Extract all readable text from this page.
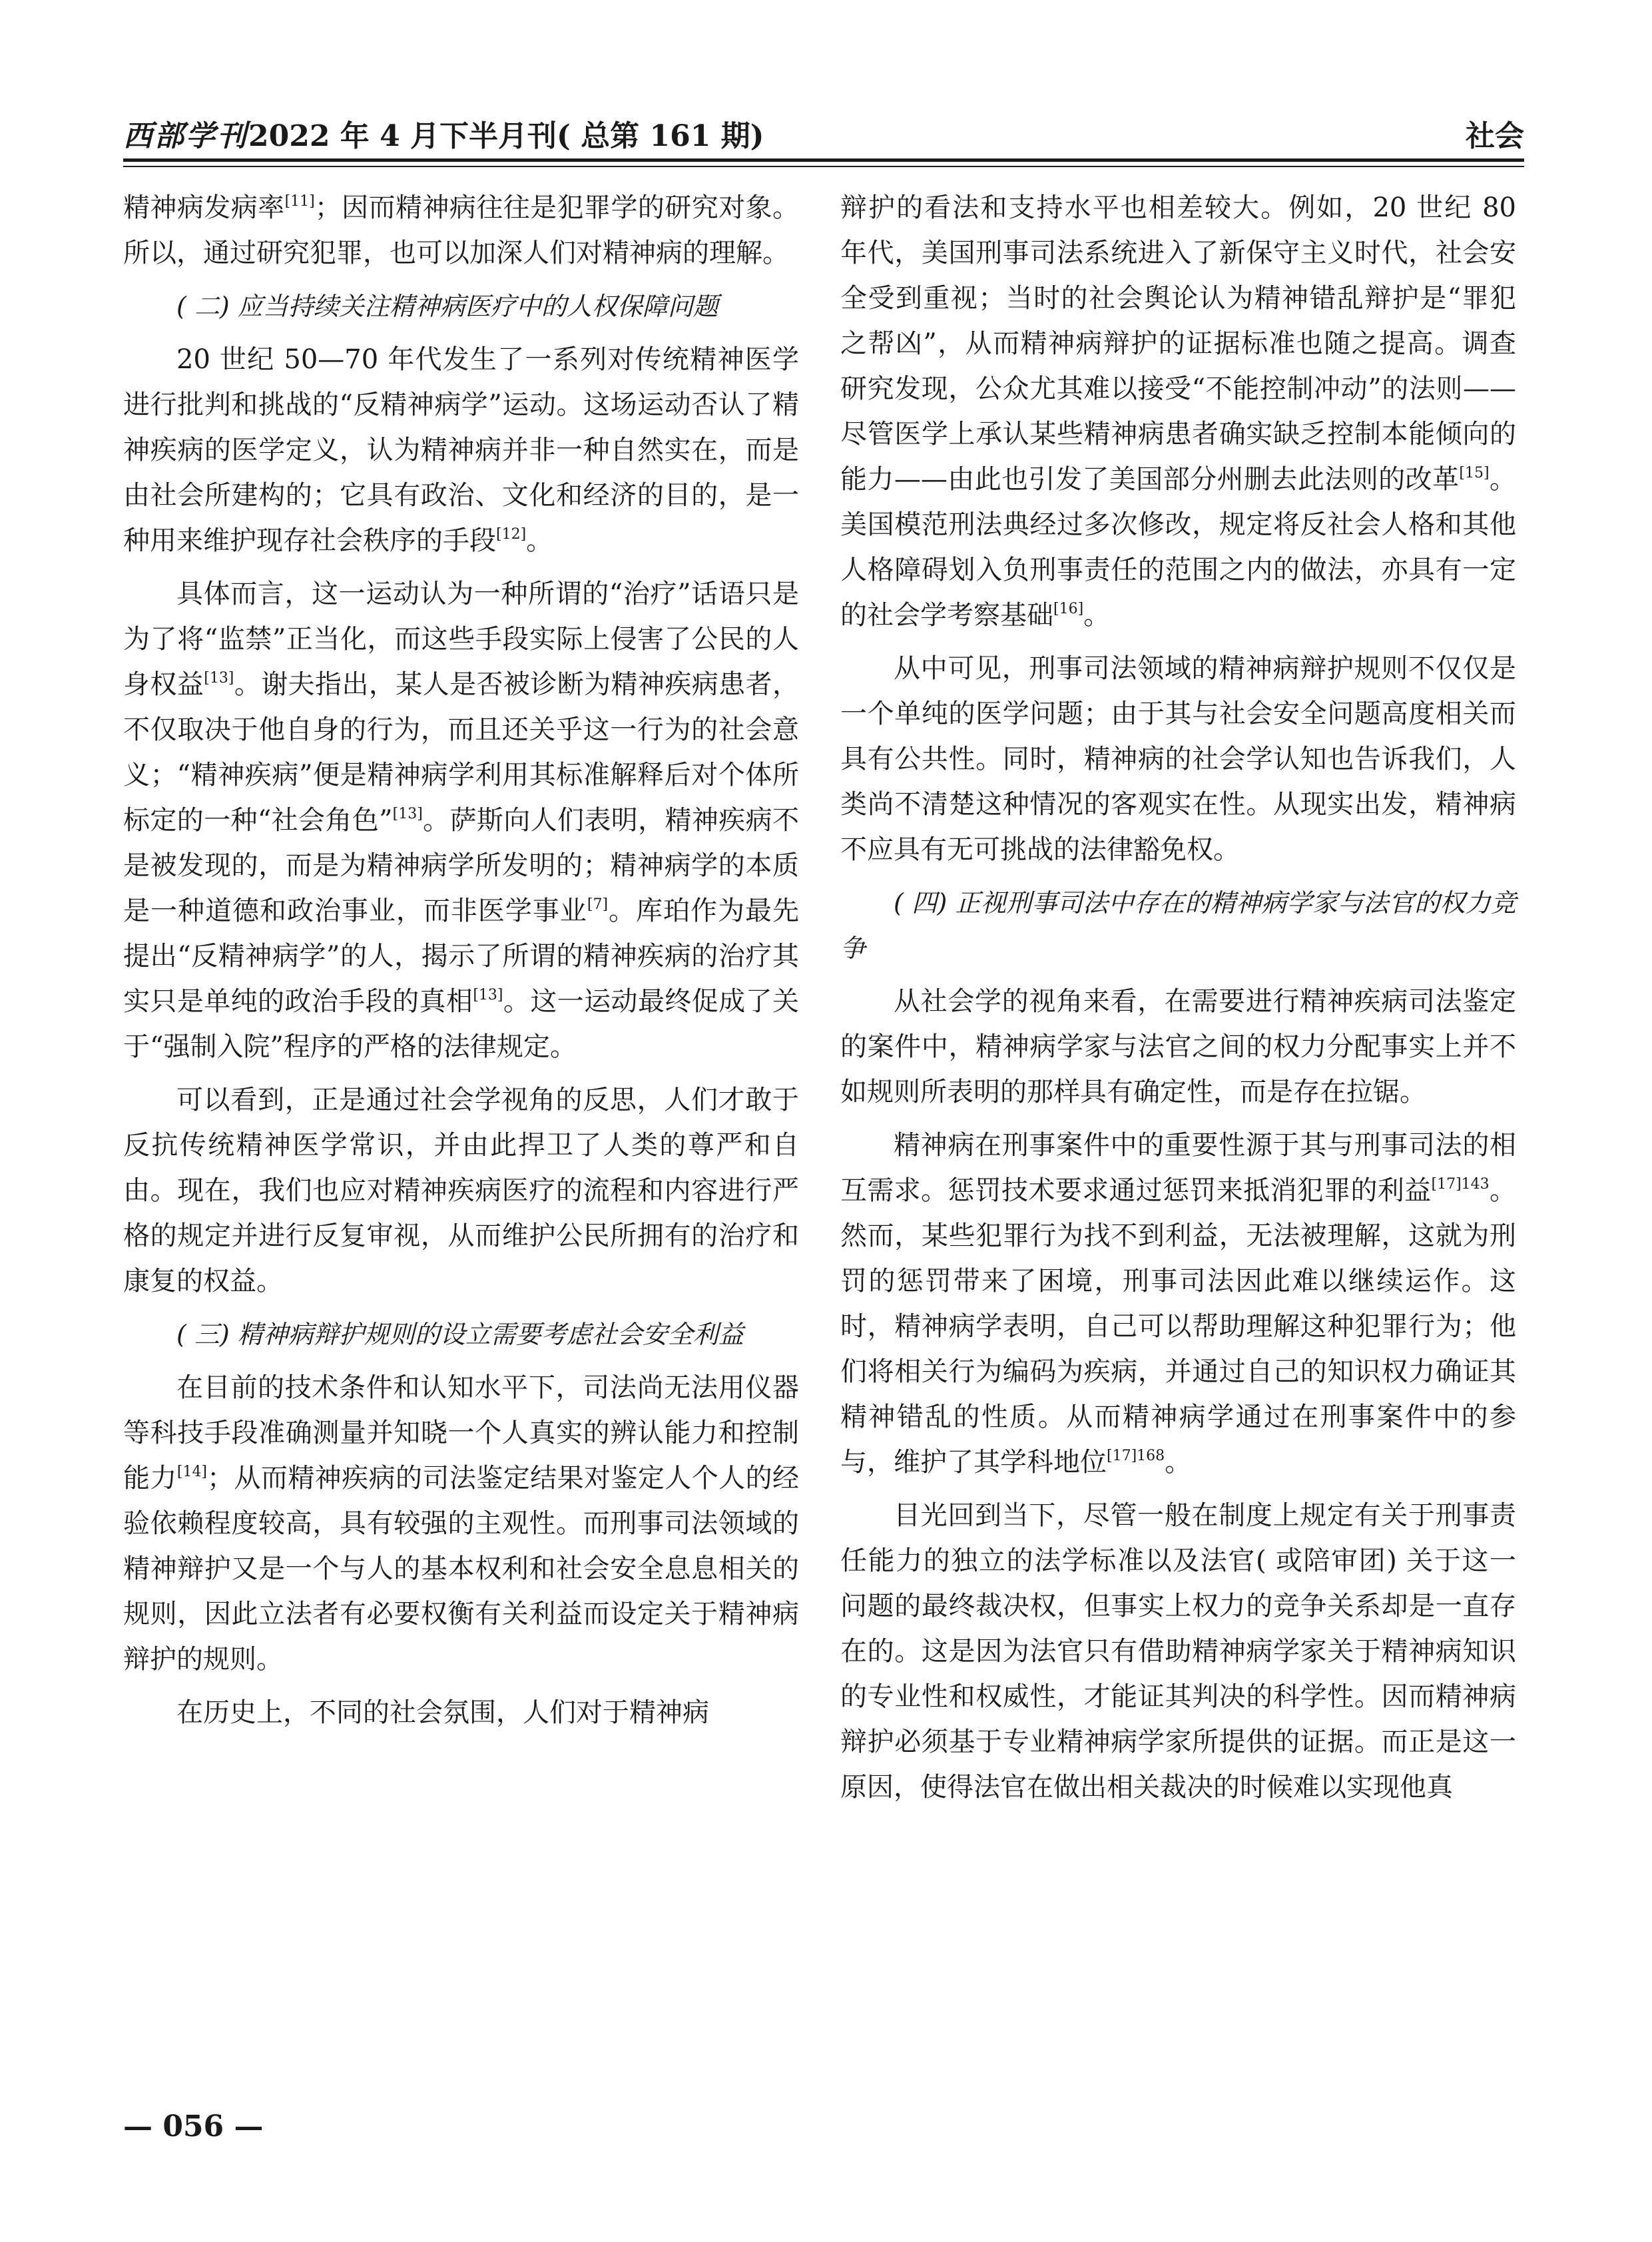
西部学刊2022 年 4 月下半月刊( 总第 161 期)	社会

精神病发病率[11]；因而精神病往往是犯罪学的研究对象。所以，通过研究犯罪，也可以加深人们对精神病的理解。

( 二) 应当持续关注精神病医疗中的人权保障问题

20 世纪 50—70 年代发生了一系列对传统精神医学进行批判和挑战的“反精神病学”运动。这场运动否认了精神疾病的医学定义，认为精神病并非一种自然实在，而是由社会所建构的；它具有政治、文化和经济的目的，是一种用来维护现存社会秩序的手段[12]。

具体而言，这一运动认为一种所谓的“治疗”话语只是为了将“监禁”正当化，而这些手段实际上侵害了公民的人身权益[13]。谢夫指出，某人是否被诊断为精神疾病患者，不仅取决于他自身的行为，而且还关乎这一行为的社会意义；“精神疾病”便是精神病学利用其标准解释后对个体所标定的一种“社会角色”[13]。萨斯向人们表明，精神疾病不是被发现的，而是为精神病学所发明的；精神病学的本质是一种道德和政治事业，而非医学事业[7]。库珀作为最先提出“反精神病学”的人，揭示了所谓的精神疾病的治疗其实只是单纯的政治手段的真相[13]。这一运动最终促成了关于“强制入院”程序的严格的法律规定。

可以看到，正是通过社会学视角的反思，人们才敢于反抗传统精神医学常识，并由此捍卫了人类的尊严和自由。现在，我们也应对精神疾病医疗的流程和内容进行严格的规定并进行反复审视，从而维护公民所拥有的治疗和康复的权益。

( 三) 精神病辩护规则的设立需要考虑社会安全利益

在目前的技术条件和认知水平下，司法尚无法用仪器等科技手段准确测量并知晓一个人真实的辨认能力和控制能力[14]；从而精神疾病的司法鉴定结果对鉴定人个人的经验依赖程度较高，具有较强的主观性。而刑事司法领域的精神辩护又是一个与人的基本权利和社会安全息息相关的规则，因此立法者有必要权衡有关利益而设定关于精神病辩护的规则。

在历史上，不同的社会氛围，人们对于精神病

辩护的看法和支持水平也相差较大。例如，20 世纪 80 年代，美国刑事司法系统进入了新保守主义时代，社会安全受到重视；当时的社会舆论认为精神错乱辩护是“罪犯之帮凶”，从而精神病辩护的证据标准也随之提高。调查研究发现，公众尤其难以接受“不能控制冲动”的法则——尽管医学上承认某些精神病患者确实缺乏控制本能倾向的能力——由此也引发了美国部分州删去此法则的改革[15]。美国模范刑法典经过多次修改，规定将反社会人格和其他人格障碍划入负刑事责任的范围之内的做法，亦具有一定的社会学考察基础[16]。

从中可见，刑事司法领域的精神病辩护规则不仅仅是一个单纯的医学问题；由于其与社会安全问题高度相关而具有公共性。同时，精神病的社会学认知也告诉我们，人类尚不清楚这种情况的客观实在性。从现实出发，精神病不应具有无可挑战的法律豁免权。

( 四) 正视刑事司法中存在的精神病学家与法官的权力竞争

从社会学的视角来看，在需要进行精神疾病司法鉴定的案件中，精神病学家与法官之间的权力分配事实上并不如规则所表明的那样具有确定性，而是存在拉锯。

精神病在刑事案件中的重要性源于其与刑事司法的相互需求。惩罚技术要求通过惩罚来抵消犯罪的利益$^{[17]143}$。然而，某些犯罪行为找不到利益，无法被理解，这就为刑罚的惩罚带来了困境，刑事司法因此难以继续运作。这时，精神病学表明，自己可以帮助理解这种犯罪行为；他们将相关行为编码为疾病，并通过自己的知识权力确证其精神错乱的性质。从而精神病学通过在刑事案件中的参与，维护了其学科地位$^{[17]168}$。

目光回到当下，尽管一般在制度上规定有关于刑事责任能力的独立的法学标准以及法官( 或陪审团) 关于这一问题的最终裁决权，但事实上权力的竞争关系却是一直存在的。这是因为法官只有借助精神病学家关于精神病知识的专业性和权威性，才能证其判决的科学性。因而精神病辩护必须基于专业精神病学家所提供的证据。而正是这一原因，使得法官在做出相关裁决的时候难以实现他真

— 056 —
